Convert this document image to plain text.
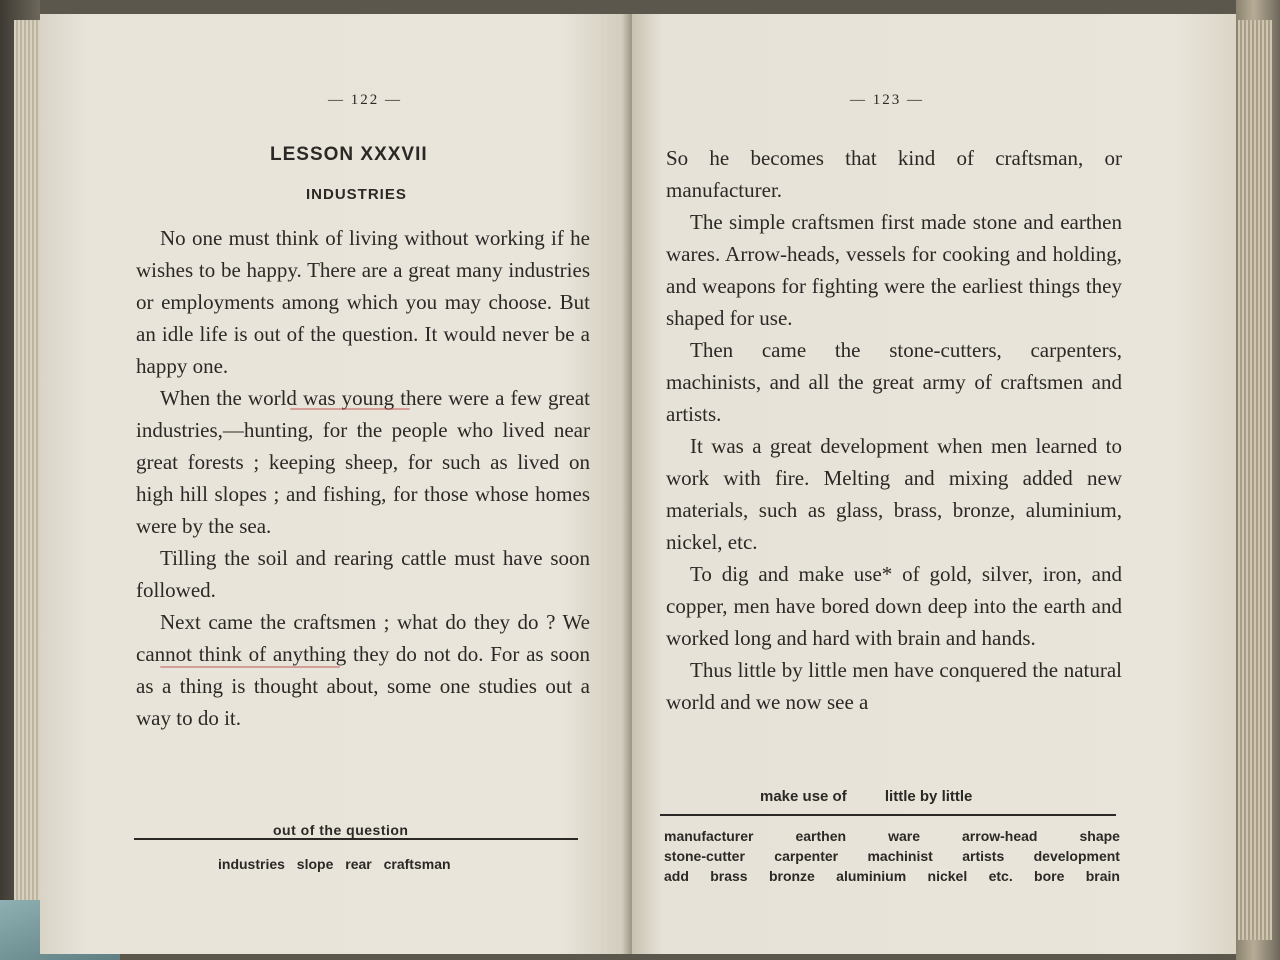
— 122 —
LESSON XXXVII
INDUSTRIES

No one must think of living without working if he wishes to be happy. There are a great many industries or employments among which you may choose. But an idle life is out of the question. It would never be a happy one.

When the world was young there were a few great industries,—hunting, for the people who lived near great forests ; keeping sheep, for such as lived on high hill slopes ; and fishing, for those whose homes were by the sea.

Tilling the soil and rearing cattle must have soon followed.

Next came the craftsmen ; what do they do ? We cannot think of anything they do not do. For as soon as a thing is thought about, some one studies out a way to do it.

out of the question
industries slope rear craftsman
— 123 —

So he becomes that kind of craftsman, or manufacturer.

The simple craftsmen first made stone and earthen wares. Arrow-heads, vessels for cooking and holding, and weapons for fighting were the earliest things they shaped for use.

Then came the stone-cutters, carpenters, machinists, and all the great army of craftsmen and artists.

It was a great development when men learned to work with fire. Melting and mixing added new materials, such as glass, brass, bronze, aluminium, nickel, etc.

To dig and make use* of gold, silver, iron, and copper, men have bored down deep into the earth and worked long and hard with brain and hands.

Thus little by little men have conquered the natural world and we now see a

make use of	little by little
manufacturer	earthen	ware	arrow-head	shape
stone-cutter carpenter machinist artists development
add brass bronze aluminium nickel etc. bore brain
